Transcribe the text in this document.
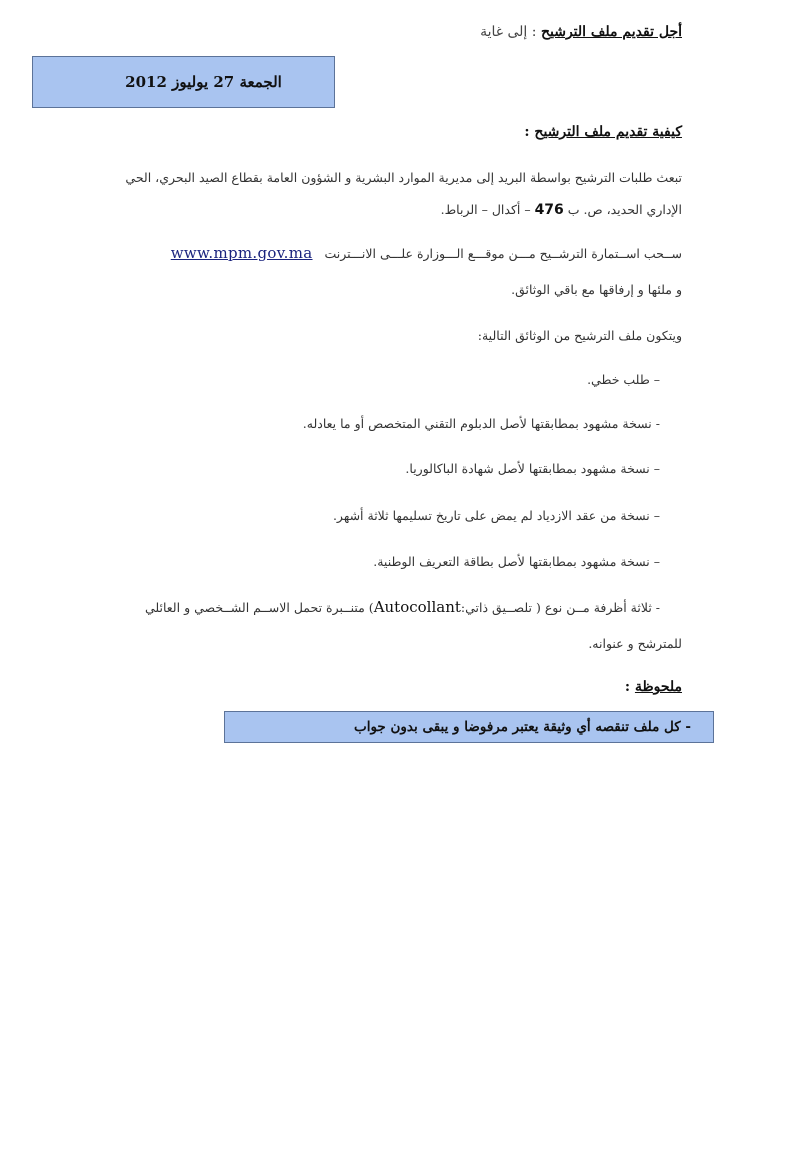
أجل تقديم ملف الترشيح : إلى غاية
الجمعة 27 يوليوز 2012
كيفية تقديم ملف الترشيح :
تبعث طلبات الترشيح بواسطة البريد إلى مديرية الموارد البشرية و الشؤون العامة بقطاع الصيد البحري، الحي
الإداري الحديد، ص. ب 476 – أكدال – الرباط.
ســحب اســتمارة الترشــيح مـــن موقـــع الـــوزارة علـــى الانـــترنت www.mpm.gov.ma
و ملئها و إرفاقها مع باقي الوثائق.
ويتكون ملف الترشيح من الوثائق التالية:
– طلب خطي.
- نسخة مشهود بمطابقتها لأصل الدبلوم التقني المتخصص أو ما يعادله.
– نسخة مشهود بمطابقتها لأصل شهادة الباكالوريا.
– نسخة من عقد الازدياد لم يمض على تاريخ تسليمها ثلاثة أشهر.
– نسخة مشهود بمطابقتها لأصل بطاقة التعريف الوطنية.
- ثلاثة أظرفة مــن نوع ( تلصــيق ذاتي:Autocollant) متنــبرة تحمل الاســم الشــخصي و العائلي
للمترشح و عنوانه.
ملحوظة :
- كل ملف تنقصه أي وثيقة يعتبر مرفوضا و يبقى بدون جواب
